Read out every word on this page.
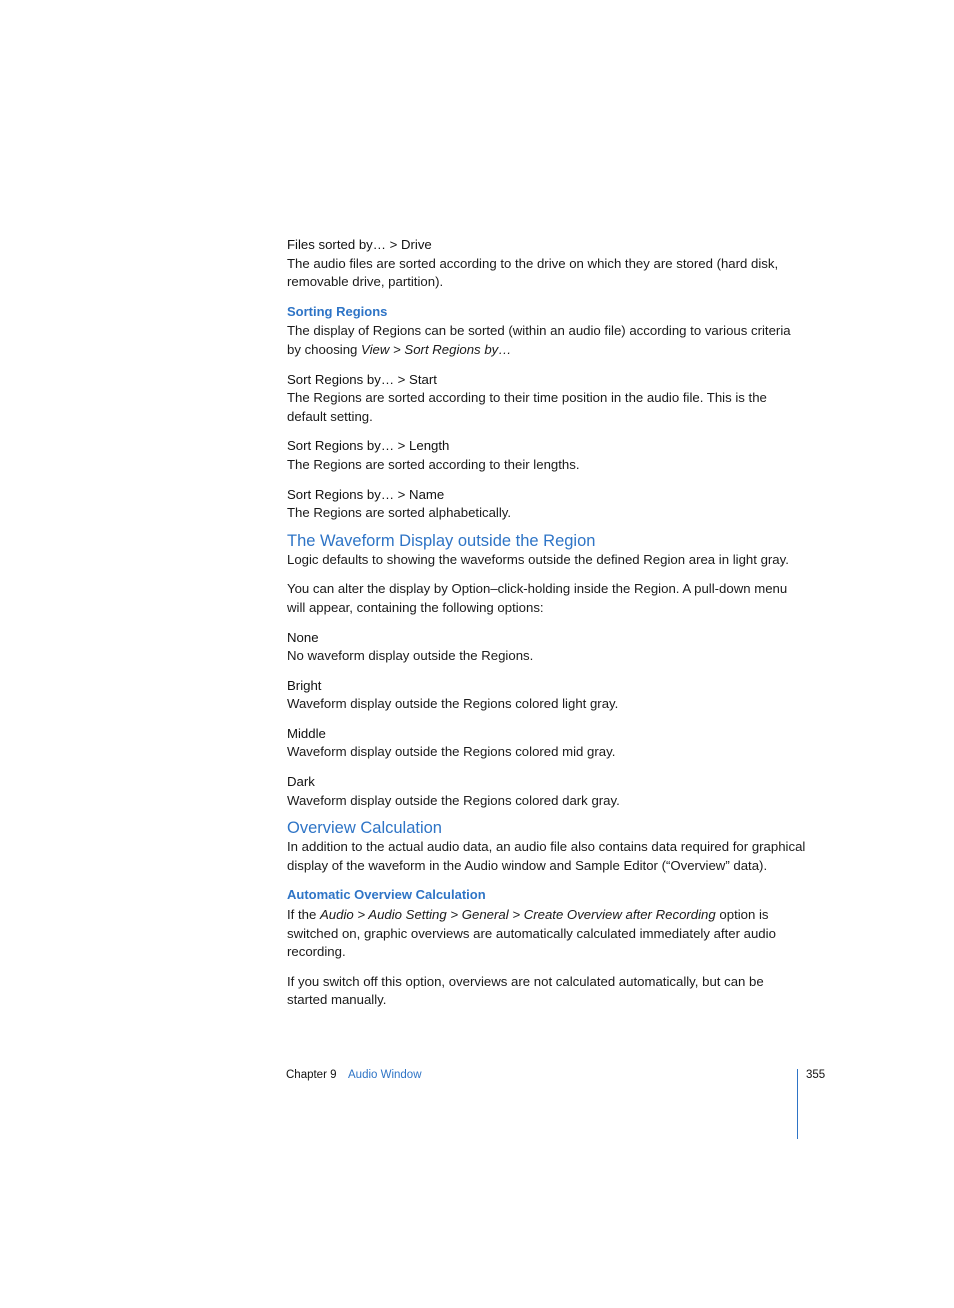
Files sorted by… > Drive

The audio files are sorted according to the drive on which they are stored (hard disk, removable drive, partition).

Sorting Regions

The display of Regions can be sorted (within an audio file) according to various criteria by choosing View > Sort Regions by…

Sort Regions by… > Start

The Regions are sorted according to their time position in the audio file. This is the default setting.

Sort Regions by… > Length

The Regions are sorted according to their lengths.

Sort Regions by… > Name

The Regions are sorted alphabetically.

The Waveform Display outside the Region

Logic defaults to showing the waveforms outside the defined Region area in light gray.

You can alter the display by Option–click-holding inside the Region. A pull-down menu will appear, containing the following options:

None

No waveform display outside the Regions.

Bright

Waveform display outside the Regions colored light gray.

Middle

Waveform display outside the Regions colored mid gray.

Dark

Waveform display outside the Regions colored dark gray.

Overview Calculation

In addition to the actual audio data, an audio file also contains data required for graphical display of the waveform in the Audio window and Sample Editor (“Overview” data).

Automatic Overview Calculation

If the Audio > Audio Setting > General > Create Overview after Recording option is switched on, graphic overviews are automatically calculated immediately after audio recording.

If you switch off this option, overviews are not calculated automatically, but can be started manually.

Chapter 9 Audio Window	355
